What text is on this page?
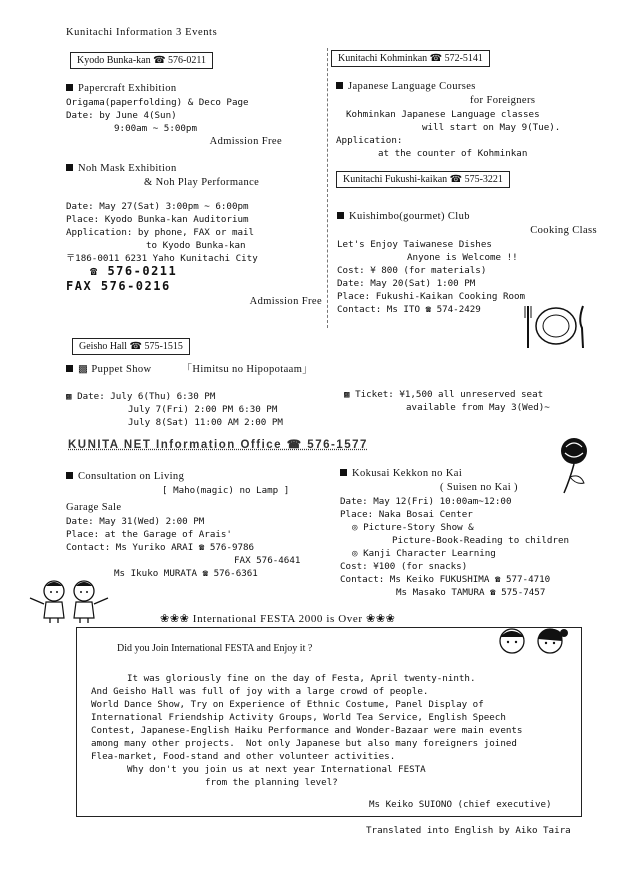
Kunitachi Information 3 Events
Kyodo Bunka-kan ☎ 576-0211
Papercraft Exhibition
Origama(paperfolding) & Deco Page
Date: by June 4(Sun)
9:00am ~ 5:00pm
Admission Free
Noh Mask Exhibition
& Noh Play Performance
Date: May 27(Sat) 3:00pm ~ 6:00pm
Place: Kyodo Bunka-kan Auditorium
Application: by phone, FAX or mail
to Kyodo Bunka-kan
〒186-0011 6231 Yaho Kunitachi City
☎ 576-0211
FAX 576-0216
Admission Free
Kunitachi Kohminkan ☎ 572-5141
Japanese Language Courses
for Foreigners
Kohminkan Japanese Language classes
will start on May 9(Tue).
Application:
at the counter of Kohminkan
Kunitachi Fukushi-kaikan ☎ 575-3221
Kuishimbo(gourmet) Club
Cooking Class
Let's Enjoy Taiwanese Dishes
Anyone is Welcome !!
Cost: ¥ 800 (for materials)
Date: May 20(Sat) 1:00 PM
Place: Fukushi-Kaikan Cooking Room
Contact: Ms ITO ☎ 574-2429
Geisho Hall ☎ 575-1515
▩ Puppet Show	「Himitsu no Hipopotaam」
▩ Date: July 6(Thu) 6:30 PM
July 7(Fri) 2:00 PM 6:30 PM
July 8(Sat) 11:00 AM 2:00 PM
▩ Ticket: ¥1,500 all unreserved seat
available from May 3(Wed)~
KUNITA NET Information Office ☎ 576-1577
Consultation on Living
[ Maho(magic) no Lamp ]
Garage Sale
Date: May 31(Wed) 2:00 PM
Place: at the Garage of Arais'
Contact: Ms Yuriko ARAI ☎ 576-9786
FAX 576-4641
Ms Ikuko MURATA ☎ 576-6361
Kokusai Kekkon no Kai
( Suisen no Kai )
Date: May 12(Fri) 10:00am~12:00
Place: Naka Bosai Center
◎ Picture-Story Show &
Picture-Book-Reading to children
◎ Kanji Character Learning
Cost: ¥100 (for snacks)
Contact: Ms Keiko FUKUSHIMA ☎ 577-4710
Ms Masako TAMURA ☎ 575-7457
❀❀❀ International FESTA 2000 is Over ❀❀❀
Did you Join International FESTA and Enjoy it ?
It was gloriously fine on the day of Festa, April twenty-ninth.
And Geisho Hall was full of joy with a large crowd of people.
World Dance Show, Try on Experience of Ethnic Costume, Panel Display of
International Friendship Activity Groups, World Tea Service, English Speech
Contest, Japanese-English Haiku Performance and Wonder-Bazaar were main events
among many other projects.  Not only Japanese but also many foreigners joined
Flea-market, Food-stand and other volunteer activities.
Why don't you join us at next year International FESTA
from the planning level?
Ms Keiko SUIONO (chief executive)
Translated into English by Aiko Taira
